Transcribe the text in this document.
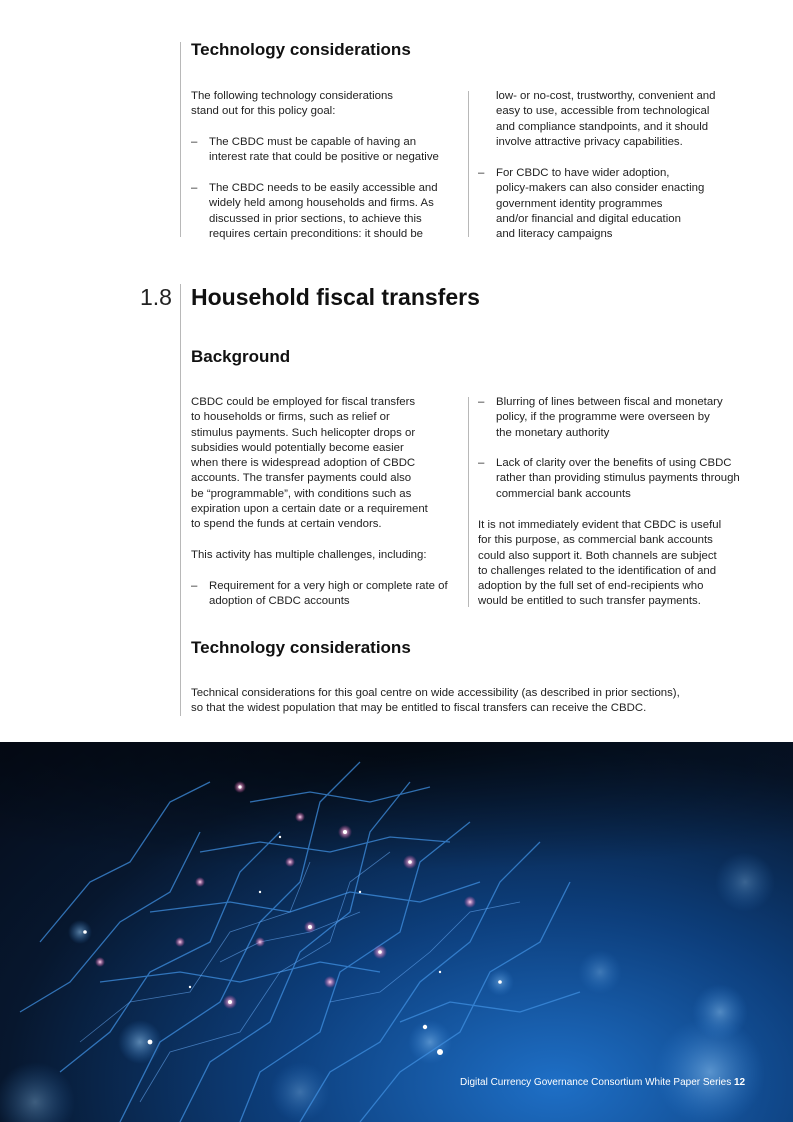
Technology considerations

The following technology considerations
stand out for this policy goal:

– The CBDC must be capable of having an
interest rate that could be positive or negative
– The CBDC needs to be easily accessible and
widely held among households and firms. As
discussed in prior sections, to achieve this
requires certain preconditions: it should be
low- or no-cost, trustworthy, convenient and
easy to use, accessible from technological
and compliance standpoints, and it should
involve attractive privacy capabilities.
– For CBDC to have wider adoption,
policy-makers can also consider enacting
government identity programmes
and/or financial and digital education
and literacy campaigns
1.8 Household fiscal transfers
Background

CBDC could be employed for fiscal transfers
to households or firms, such as relief or
stimulus payments. Such helicopter drops or
subsidies would potentially become easier
when there is widespread adoption of CBDC
accounts. The transfer payments could also
be “programmable”, with conditions such as
expiration upon a certain date or a requirement
to spend the funds at certain vendors.

This activity has multiple challenges, including:

– Requirement for a very high or complete rate of
adoption of CBDC accounts
– Blurring of lines between fiscal and monetary
policy, if the programme were overseen by
the monetary authority
– Lack of clarity over the benefits of using CBDC
rather than providing stimulus payments through
commercial bank accounts

It is not immediately evident that CBDC is useful
for this purpose, as commercial bank accounts
could also support it. Both channels are subject
to challenges related to the identification of and
adoption by the full set of end-recipients who
would be entitled to such transfer payments.

Technology considerations

Technical considerations for this goal centre on wide accessibility (as described in prior sections),
so that the widest population that may be entitled to fiscal transfers can receive the CBDC.

Digital Currency Governance Consortium White Paper Series 12
